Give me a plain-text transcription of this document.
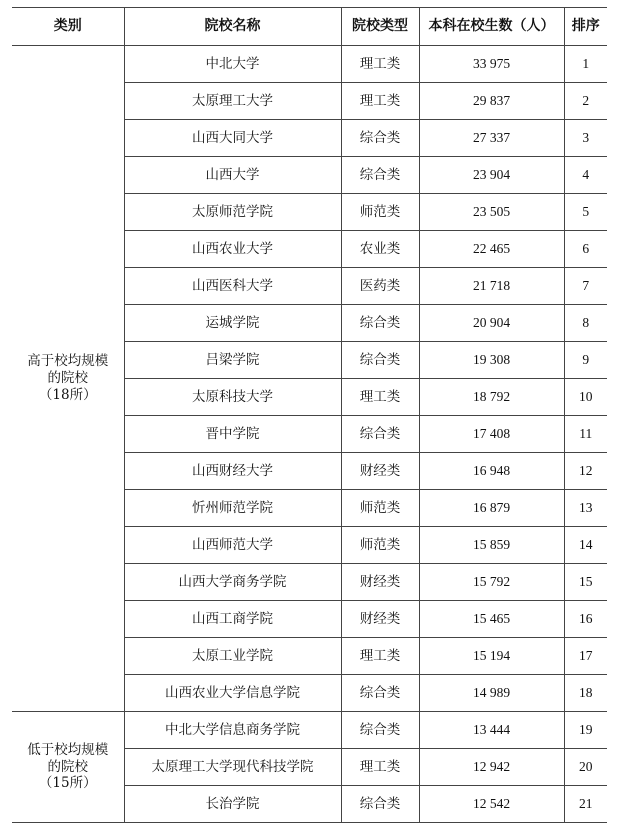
类别	院校名称	院校类型	本科在校生数（人）	排序

高于校均规模
的院校
（18所）	中北大学	理工类	33 975	1
	太原理工大学	理工类	29 837	2
	山西大同大学	综合类	27 337	3
	山西大学	综合类	23 904	4
	太原师范学院	师范类	23 505	5
	山西农业大学	农业类	22 465	6
	山西医科大学	医药类	21 718	7
	运城学院	综合类	20 904	8
	吕梁学院	综合类	19 308	9
	太原科技大学	理工类	18 792	10
	晋中学院	综合类	17 408	11
	山西财经大学	财经类	16 948	12
	忻州师范学院	师范类	16 879	13
	山西师范大学	师范类	15 859	14
	山西大学商务学院	财经类	15 792	15
	山西工商学院	财经类	15 465	16
	太原工业学院	理工类	15 194	17
	山西农业大学信息学院	综合类	14 989	18

低于校均规模
的院校
（15所）	中北大学信息商务学院	综合类	13 444	19
	太原理工大学现代科技学院	理工类	12 942	20
	长治学院	综合类	12 542	21
